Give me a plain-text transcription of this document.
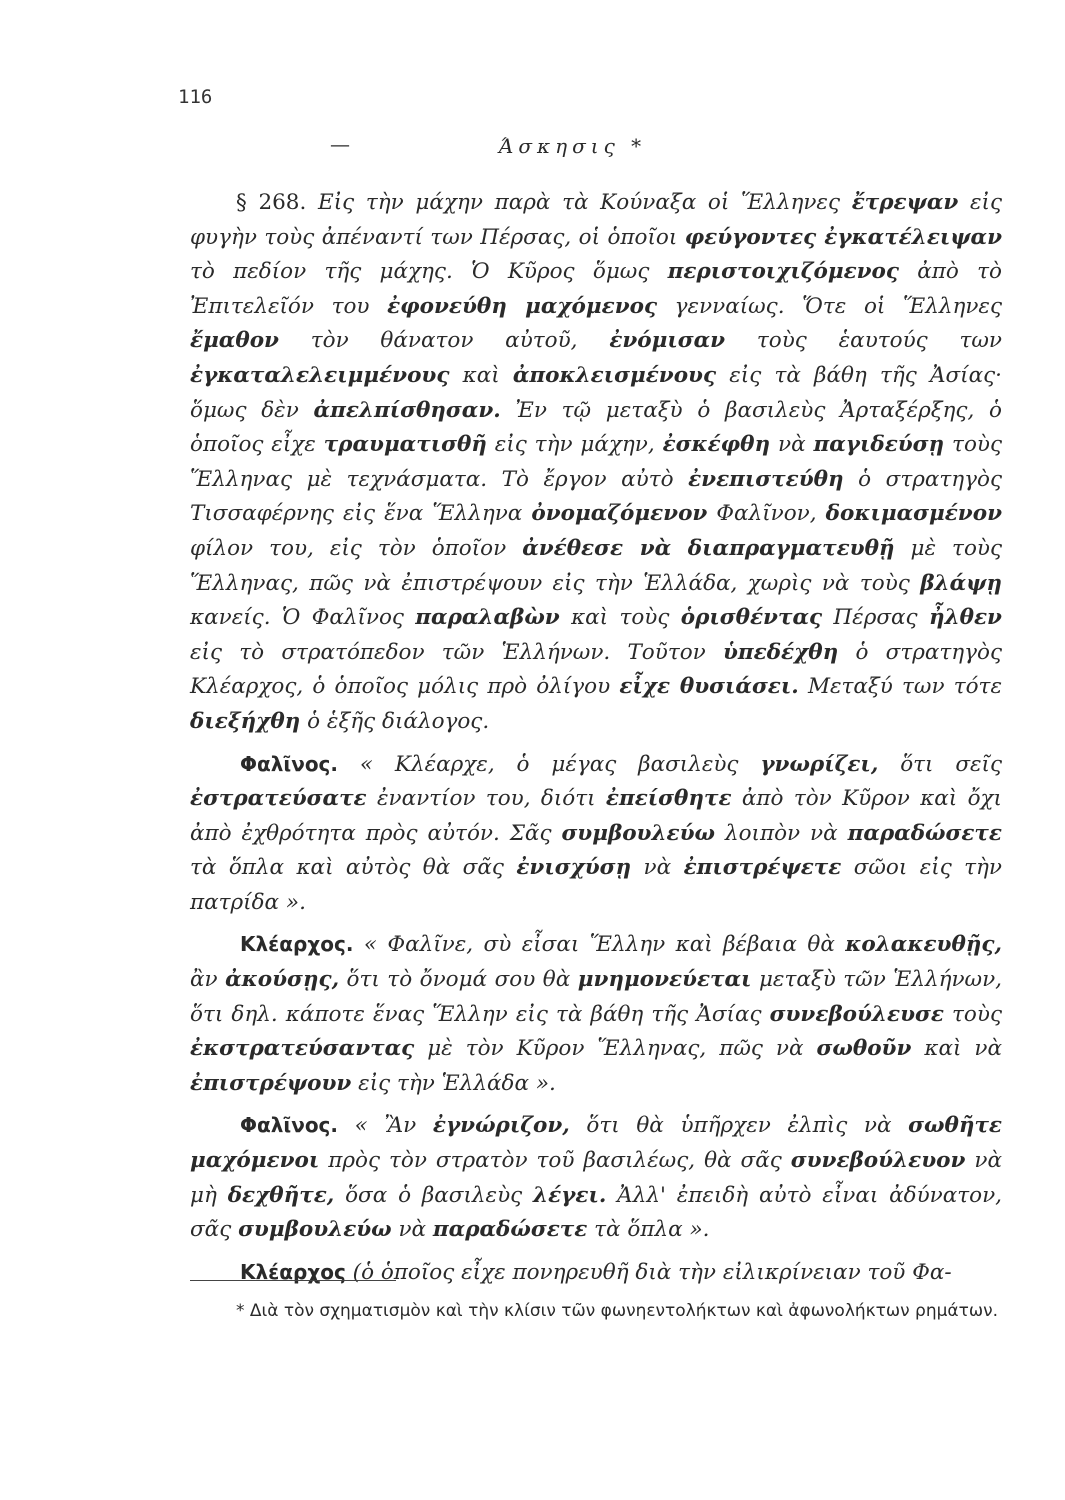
116
—	Άσκησις *

§ 268. Εἰς τὴν μάχην παρὰ τὰ Κούναξα οἱ Ἕλληνες ἔτρεψαν εἰς φυγὴν τοὺς ἀπέναντί των Πέρσας, οἱ ὁποῖοι φεύγοντες ἐγκατέλειψαν τὸ πεδίον τῆς μάχης. Ὁ Κῦρος ὅμως περιστοιχιζόμενος ἀπὸ τὸ Ἐπιτελεῖόν του ἐφονεύθη μαχόμενος γενναίως. Ὅτε οἱ Ἕλληνες ἔμαθον τὸν θάνατον αὐτοῦ, ἐνόμισαν τοὺς ἑαυτούς των ἐγκαταλελειμμένους καὶ ἀποκλεισμένους εἰς τὰ βάθη τῆς Ἀσίας· ὅμως δὲν ἀπελπίσθησαν. Ἐν τῷ μεταξὺ ὁ βασιλεὺς Ἀρταξέρξης, ὁ ὁποῖος εἶχε τραυματισθῆ εἰς τὴν μάχην, ἐσκέφθη νὰ παγιδεύσῃ τοὺς Ἕλληνας μὲ τεχνάσματα. Τὸ ἔργον αὐτὸ ἐνεπιστεύθη ὁ στρατηγὸς Τισσαφέρνης εἰς ἕνα Ἕλληνα ὀνομαζόμενον Φαλῖνον, δοκιμασμένον φίλον του, εἰς τὸν ὁποῖον ἀνέθεσε νὰ διαπραγματευθῇ μὲ τοὺς Ἕλληνας, πῶς νὰ ἐπιστρέψουν εἰς τὴν Ἑλλάδα, χωρὶς νὰ τοὺς βλάψῃ κανείς. Ὁ Φαλῖνος παραλαβὼν καὶ τοὺς ὁρισθέντας Πέρσας ἦλθεν εἰς τὸ στρατόπεδον τῶν Ἑλλήνων. Τοῦτον ὑπεδέχθη ὁ στρατηγὸς Κλέαρχος, ὁ ὁποῖος μόλις πρὸ ὀλίγου εἶχε θυσιάσει. Μεταξύ των τότε διεξήχθη ὁ ἑξῆς διάλογος.

Φαλῖνος. « Κλέαρχε, ὁ μέγας βασιλεὺς γνωρίζει, ὅτι σεῖς ἐστρατεύσατε ἐναντίον του, διότι ἐπείσθητε ἀπὸ τὸν Κῦρον καὶ ὄχι ἀπὸ ἐχθρότητα πρὸς αὐτόν. Σᾶς συμβουλεύω λοιπὸν νὰ παραδώσετε τὰ ὅπλα καὶ αὐτὸς θὰ σᾶς ἐνισχύσῃ νὰ ἐπιστρέψετε σῶοι εἰς τὴν πατρίδα ».

Κλέαρχος. « Φαλῖνε, σὺ εἶσαι Ἕλλην καὶ βέβαια θὰ κολακευθῇς, ἂν ἀκούσῃς, ὅτι τὸ ὄνομά σου θὰ μνημονεύεται μεταξὺ τῶν Ἑλλήνων, ὅτι δηλ. κάποτε ἕνας Ἕλλην εἰς τὰ βάθη τῆς Ἀσίας συνεβούλευσε τοὺς ἐκστρατεύσαντας μὲ τὸν Κῦρον Ἕλληνας, πῶς νὰ σωθοῦν καὶ νὰ ἐπιστρέψουν εἰς τὴν Ἑλλάδα ».

Φαλῖνος. « Ἂν ἐγνώριζον, ὅτι θὰ ὑπῆρχεν ἐλπὶς νὰ σωθῆτε μαχόμενοι πρὸς τὸν στρατὸν τοῦ βασιλέως, θὰ σᾶς συνεβούλευον νὰ μὴ δεχθῆτε, ὅσα ὁ βασιλεὺς λέγει. Ἀλλ' ἐπειδὴ αὐτὸ εἶναι ἀδύνατον, σᾶς συμβουλεύω νὰ παραδώσετε τὰ ὅπλα ».

Κλέαρχος (ὁ ὁποῖος εἶχε πονηρευθῆ διὰ τὴν εἰλικρίνειαν τοῦ Φα-

* Διὰ τὸν σχηματισμὸν καὶ τὴν κλίσιν τῶν φωνηεντολήκτων καὶ ἀφωνολήκτων ρημάτων.
